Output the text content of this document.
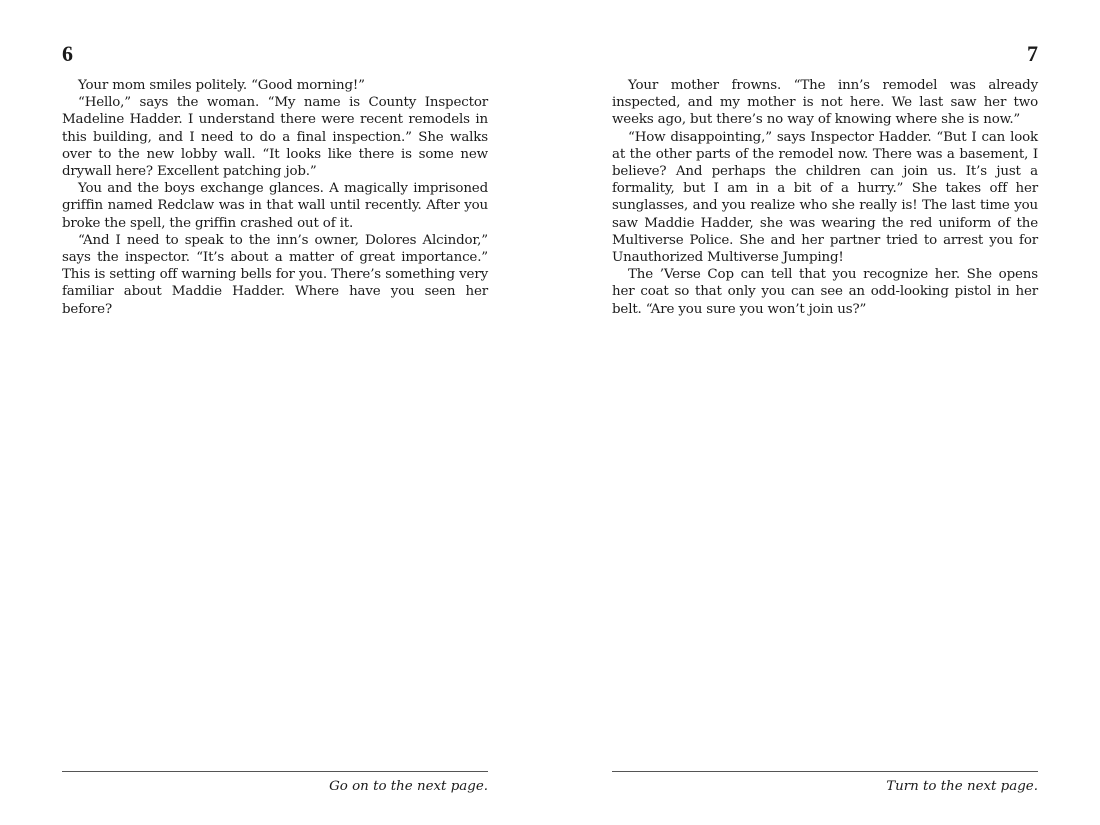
6

Your mom smiles politely. “Good morning!”

“Hello,” says the woman. “My name is County Inspector Madeline Hadder. I understand there were recent remodels in this building, and I need to do a final inspection.” She walks over to the new lobby wall. “It looks like there is some new drywall here? Excellent patching job.”

You and the boys exchange glances. A magically imprisoned griffin named Redclaw was in that wall until recently. After you broke the spell, the griffin crashed out of it.

“And I need to speak to the inn’s owner, Dolores Alcindor,” says the inspector. “It’s about a matter of great importance.” This is setting off warning bells for you. There’s something very familiar about Maddie Hadder. Where have you seen her before?

Go on to the next page.
7

Your mother frowns. “The inn’s remodel was already inspected, and my mother is not here. We last saw her two weeks ago, but there’s no way of knowing where she is now.”

“How disappointing,” says Inspector Hadder. “But I can look at the other parts of the remodel now. There was a basement, I believe? And perhaps the children can join us. It’s just a formality, but I am in a bit of a hurry.” She takes off her sunglasses, and you realize who she really is! The last time you saw Maddie Hadder, she was wearing the red uniform of the Multiverse Police. She and her partner tried to arrest you for Unauthorized Multiverse Jumping!

The ’Verse Cop can tell that you recognize her. She opens her coat so that only you can see an odd-looking pistol in her belt. “Are you sure you won’t join us?”

Turn to the next page.
